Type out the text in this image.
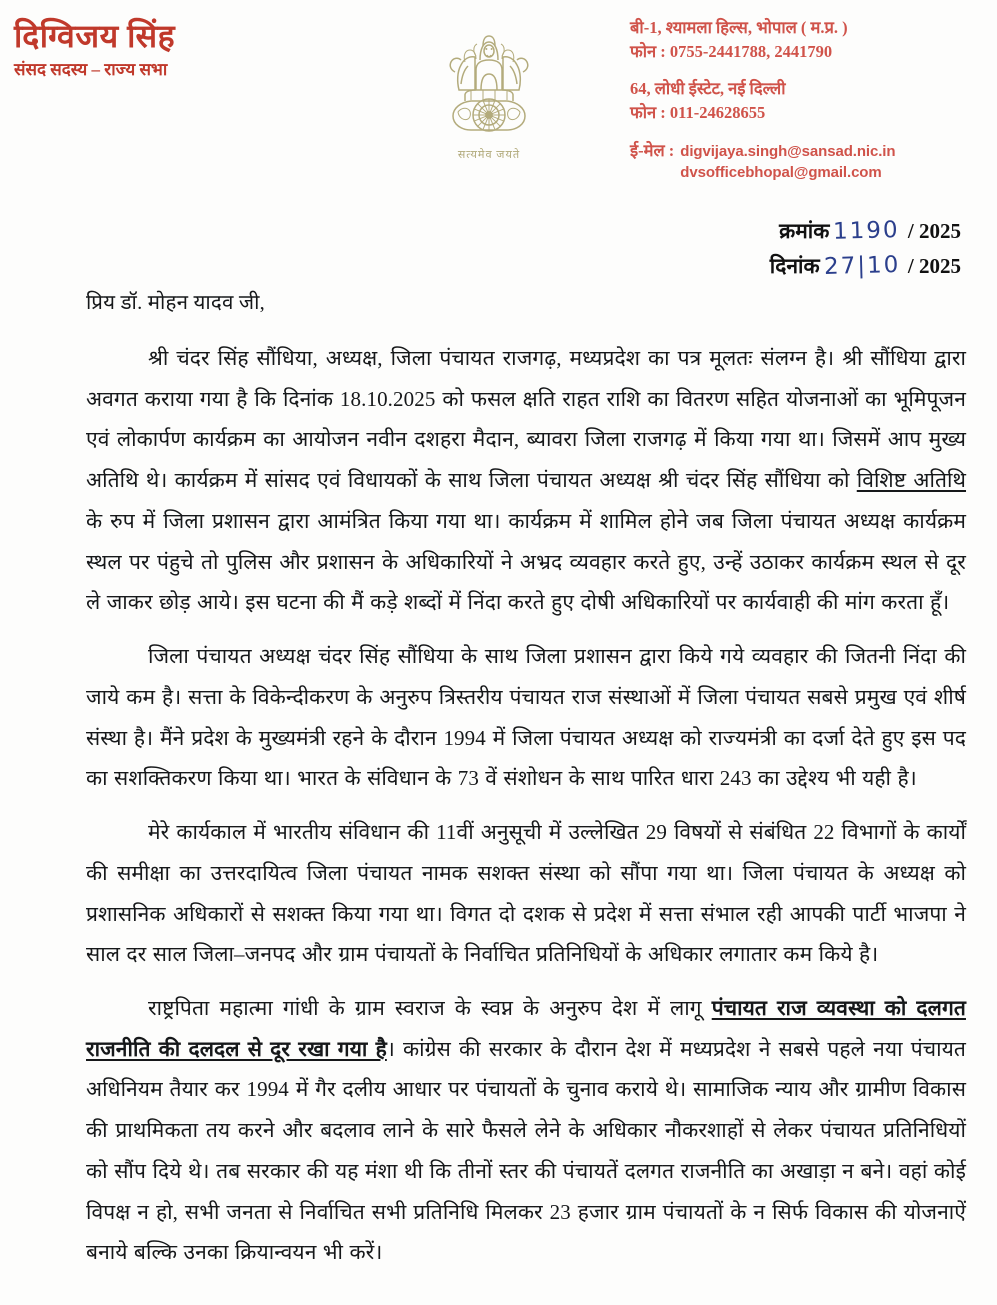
दिग्विजय सिंह
संसद सदस्य – राज्य सभा
सत्यमेव जयते
बी-1, श्यामला हिल्स, भोपाल ( म.प्र. )
फोन : 0755-2441788, 2441790
64, लोधी ईस्टेट, नई दिल्ली
फोन : 011-24628655
ई-मेल : digvijaya.singh@sansad.nic.in
dvsofficebhopal@gmail.com
क्रमांक 1190 / 2025
दिनांक 27|10 / 2025
प्रिय डॉ. मोहन यादव जी,

श्री चंदर सिंह सौंधिया, अध्यक्ष, जिला पंचायत राजगढ़, मध्यप्रदेश का पत्र मूलतः संलग्न है। श्री सौंधिया द्वारा अवगत कराया गया है कि दिनांक 18.10.2025 को फसल क्षति राहत राशि का वितरण सहित योजनाओं का भूमिपूजन एवं लोकार्पण कार्यक्रम का आयोजन नवीन दशहरा मैदान, ब्यावरा जिला राजगढ़ में किया गया था। जिसमें आप मुख्य अतिथि थे। कार्यक्रम में सांसद एवं विधायकों के साथ जिला पंचायत अध्यक्ष श्री चंदर सिंह सौंधिया को विशिष्ट अतिथि के रुप में जिला प्रशासन द्वारा आमंत्रित किया गया था। कार्यक्रम में शामिल होने जब जिला पंचायत अध्यक्ष कार्यक्रम स्थल पर पंहुचे तो पुलिस और प्रशासन के अधिकारियों ने अभ्रद व्यवहार करते हुए, उन्हें उठाकर कार्यक्रम स्थल से दूर ले जाकर छोड़ आये। इस घटना की मैं कड़े शब्दों में निंदा करते हुए दोषी अधिकारियों पर कार्यवाही की मांग करता हूँ।

जिला पंचायत अध्यक्ष चंदर सिंह सौंधिया के साथ जिला प्रशासन द्वारा किये गये व्यवहार की जितनी निंदा की जाये कम है। सत्ता के विकेन्दीकरण के अनुरुप त्रिस्तरीय पंचायत राज संस्थाओं में जिला पंचायत सबसे प्रमुख एवं शीर्ष संस्था है। मैंने प्रदेश के मुख्यमंत्री रहने के दौरान 1994 में जिला पंचायत अध्यक्ष को राज्यमंत्री का दर्जा देते हुए इस पद का सशक्तिकरण किया था। भारत के संविधान के 73 वें संशोधन के साथ पारित धारा 243 का उद्देश्य भी यही है।

मेरे कार्यकाल में भारतीय संविधान की 11वीं अनुसूची में उल्लेखित 29 विषयों से संबंधित 22 विभागों के कार्यों की समीक्षा का उत्तरदायित्व जिला पंचायत नामक सशक्त संस्था को सौंपा गया था। जिला पंचायत के अध्यक्ष को प्रशासनिक अधिकारों से सशक्त किया गया था। विगत दो दशक से प्रदेश में सत्ता संभाल रही आपकी पार्टी भाजपा ने साल दर साल जिला–जनपद और ग्राम पंचायतों के निर्वाचित प्रतिनिधियों के अधिकार लगातार कम किये है।

राष्ट्रपिता महात्मा गांधी के ग्राम स्वराज के स्वप्न के अनुरुप देश में लागू पंचायत राज व्यवस्था को दलगत राजनीति की दलदल से दूर रखा गया है। कांग्रेस की सरकार के दौरान देश में मध्यप्रदेश ने सबसे पहले नया पंचायत अधिनियम तैयार कर 1994 में गैर दलीय आधार पर पंचायतों के चुनाव कराये थे। सामाजिक न्याय और ग्रामीण विकास की प्राथमिकता तय करने और बदलाव लाने के सारे फैसले लेने के अधिकार नौकरशाहों से लेकर पंचायत प्रतिनिधियों को सौंप दिये थे। तब सरकार की यह मंशा थी कि तीनों स्तर की पंचायतें दलगत राजनीति का अखाड़ा न बने। वहां कोई विपक्ष न हो, सभी जनता से निर्वाचित सभी प्रतिनिधि मिलकर 23 हजार ग्राम पंचायतों के न सिर्फ विकास की योजनाऐं बनाये बल्कि उनका क्रियान्वयन भी करें।
